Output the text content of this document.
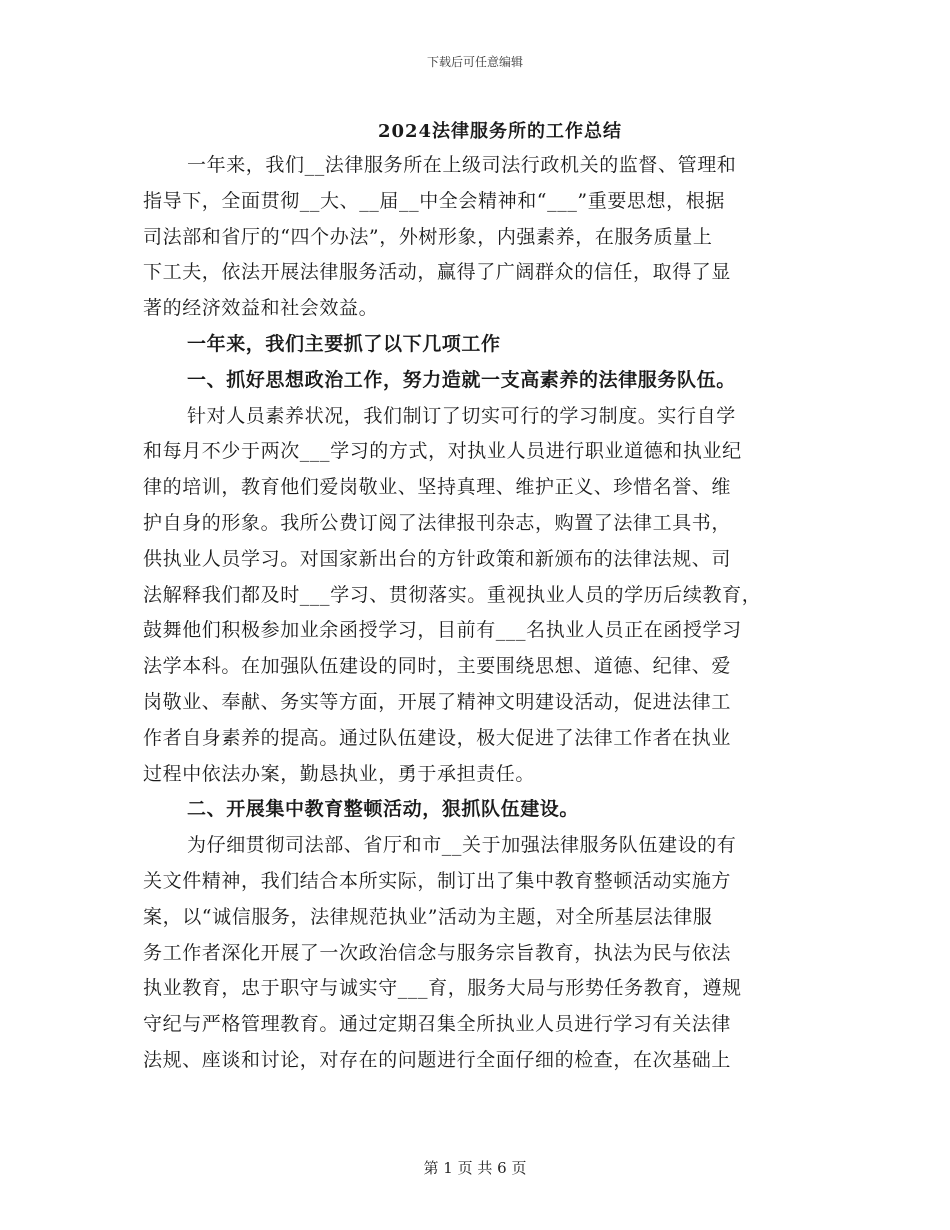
下载后可任意编辑
2024法律服务所的工作总结
一年来，我们__法律服务所在上级司法行政机关的监督、管理和
指导下，全面贯彻__大、__届__中全会精神和“___”重要思想，根据
司法部和省厅的“四个办法”，外树形象，内强素养，在服务质量上
下工夫，依法开展法律服务活动，赢得了广阔群众的信任，取得了显
著的经济效益和社会效益。
一年来，我们主要抓了以下几项工作
一、抓好思想政治工作，努力造就一支高素养的法律服务队伍。
针对人员素养状况，我们制订了切实可行的学习制度。实行自学
和每月不少于两次___学习的方式，对执业人员进行职业道德和执业纪
律的培训，教育他们爱岗敬业、坚持真理、维护正义、珍惜名誉、维
护自身的形象。我所公费订阅了法律报刊杂志，购置了法律工具书，
供执业人员学习。对国家新出台的方针政策和新颁布的法律法规、司
法解释我们都及时___学习、贯彻落实。重视执业人员的学历后续教育，
鼓舞他们积极参加业余函授学习，目前有___名执业人员正在函授学习
法学本科。在加强队伍建设的同时，主要围绕思想、道德、纪律、爱
岗敬业、奉献、务实等方面，开展了精神文明建设活动，促进法律工
作者自身素养的提高。通过队伍建设，极大促进了法律工作者在执业
过程中依法办案，勤恳执业，勇于承担责任。
二、开展集中教育整顿活动，狠抓队伍建设。
为仔细贯彻司法部、省厅和市__关于加强法律服务队伍建设的有
关文件精神，我们结合本所实际，制订出了集中教育整顿活动实施方
案，以“诚信服务，法律规范执业”活动为主题，对全所基层法律服
务工作者深化开展了一次政治信念与服务宗旨教育，执法为民与依法
执业教育，忠于职守与诚实守___育，服务大局与形势任务教育，遵规
守纪与严格管理教育。通过定期召集全所执业人员进行学习有关法律
法规、座谈和讨论，对存在的问题进行全面仔细的检查，在次基础上
第 1 页 共 6 页
